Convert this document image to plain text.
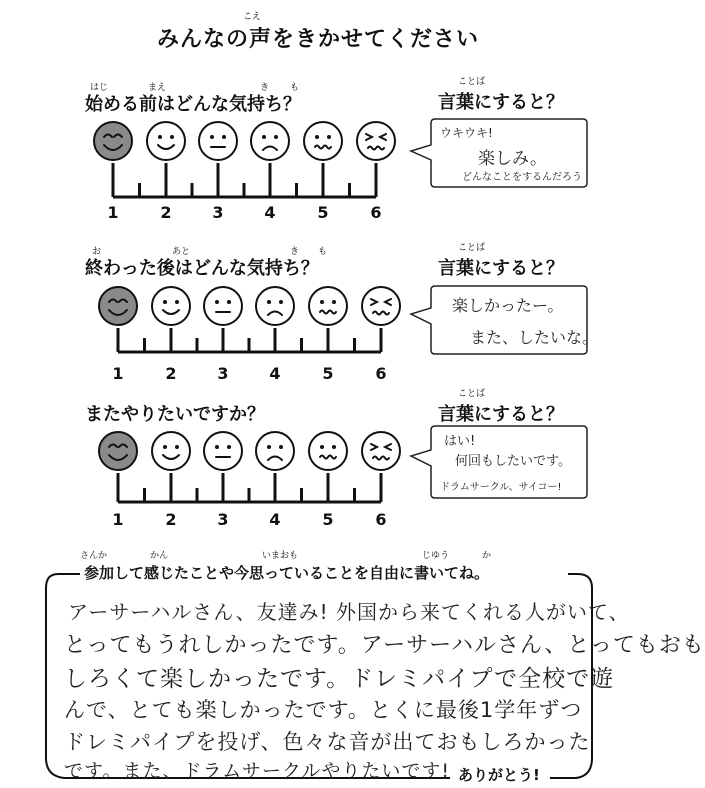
こえ
みんなの声をきかせてください
はじ	まえ	き も
始める前はどんな気持ち？
ことば
言葉にすると？
1	2	3	4	5	6
ウキウキ!
楽しみ。
どんなことをするんだろう
お	あと	き も
終わった後はどんな気持ち？
ことば
言葉にすると？
1	2	3	4	5	6
楽しかったー。
また、したいな。
またやりたいですか？
ことば
言葉にすると？
1	2	3	4	5	6
はい!
何回もしたいです。
ドラムサークル、サイコー!
さんか	かん	いまおも	じゆう	か
参加して感じたことや今思っていることを自由に書いてね。
アーサーハルさん、友達み! 外国から来てくれる人がいて、
とってもうれしかったです。アーサーハルさん、とってもおも
しろくて楽しかったです。ドレミパイプで全校で遊
んで、とても楽しかったです。とくに最後1学年ずつ
ドレミパイプを投げ、色々な音が出ておもしろかった
です。また、ドラムサークルやりたいです! ありがとう!
